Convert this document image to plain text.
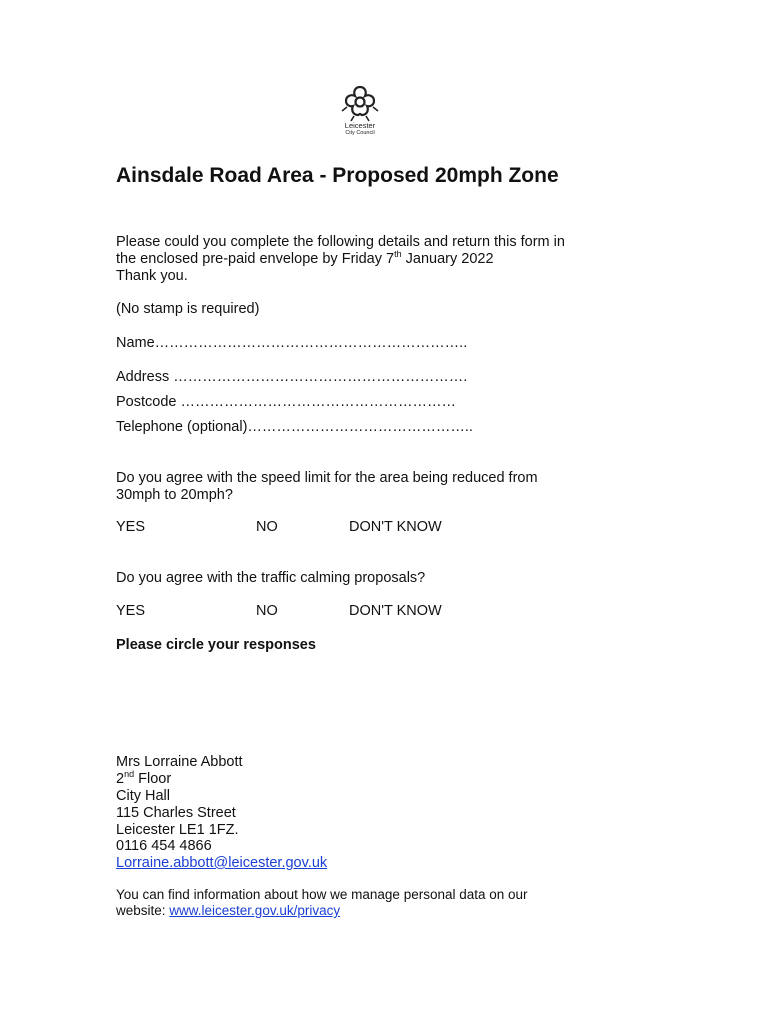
Leicester
City Council
Ainsdale Road Area - Proposed 20mph Zone
Please could you complete the following details and return this form in
the enclosed pre-paid envelope by Friday 7th January 2022
Thank you.
(No stamp is required)
Name………………………………………………………..
Address …………………………………………………….
Postcode …………………………………………………
Telephone (optional)………………………………………..
Do you agree with the speed limit for the area being reduced from
30mph to 20mph?
YES	NO	DON'T KNOW
Do you agree with the traffic calming proposals?
YES	NO	DON'T KNOW
Please circle your responses
Mrs Lorraine Abbott
2nd Floor
City Hall
115 Charles Street
Leicester LE1 1FZ.
0116 454 4866
Lorraine.abbott@leicester.gov.uk
You can find information about how we manage personal data on our
website: www.leicester.gov.uk/privacy
